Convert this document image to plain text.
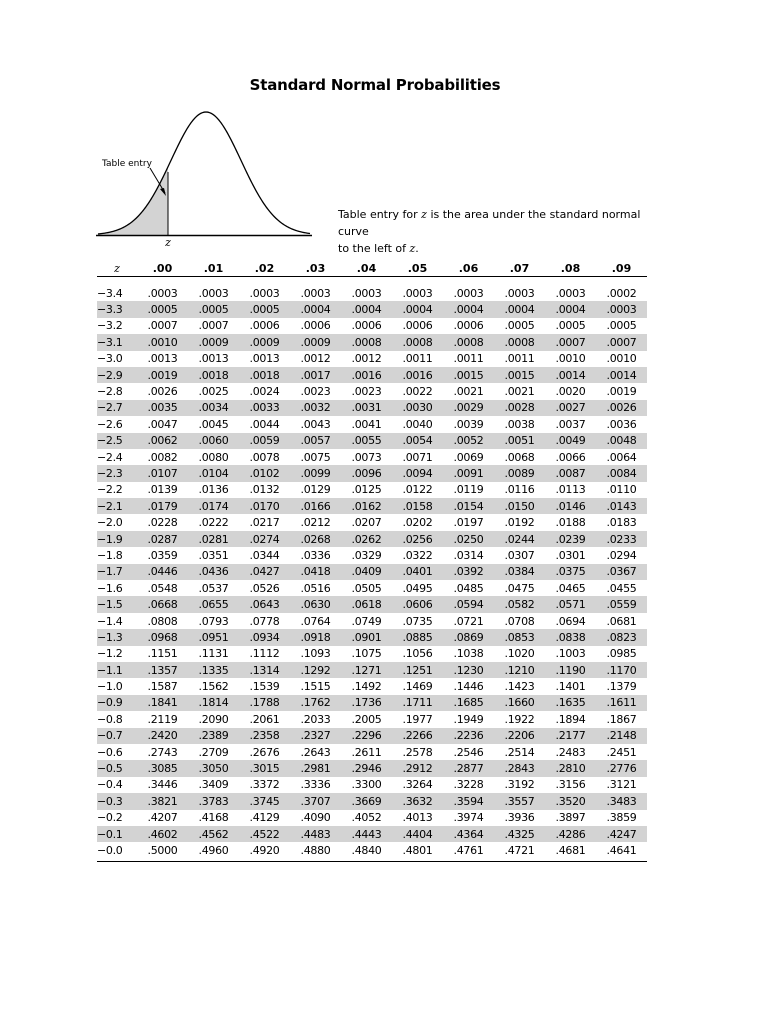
Standard Normal Probabilities
Table entry
z
Table entry for z is the area under the standard normal curve
to the left of z.
z	.00	.01	.02	.03	.04	.05	.06	.07	.08	.09
−3.4	.0003	.0003	.0003	.0003	.0003	.0003	.0003	.0003	.0003	.0002
−3.3	.0005	.0005	.0005	.0004	.0004	.0004	.0004	.0004	.0004	.0003
−3.2	.0007	.0007	.0006	.0006	.0006	.0006	.0006	.0005	.0005	.0005
−3.1	.0010	.0009	.0009	.0009	.0008	.0008	.0008	.0008	.0007	.0007
−3.0	.0013	.0013	.0013	.0012	.0012	.0011	.0011	.0011	.0010	.0010
−2.9	.0019	.0018	.0018	.0017	.0016	.0016	.0015	.0015	.0014	.0014
−2.8	.0026	.0025	.0024	.0023	.0023	.0022	.0021	.0021	.0020	.0019
−2.7	.0035	.0034	.0033	.0032	.0031	.0030	.0029	.0028	.0027	.0026
−2.6	.0047	.0045	.0044	.0043	.0041	.0040	.0039	.0038	.0037	.0036
−2.5	.0062	.0060	.0059	.0057	.0055	.0054	.0052	.0051	.0049	.0048
−2.4	.0082	.0080	.0078	.0075	.0073	.0071	.0069	.0068	.0066	.0064
−2.3	.0107	.0104	.0102	.0099	.0096	.0094	.0091	.0089	.0087	.0084
−2.2	.0139	.0136	.0132	.0129	.0125	.0122	.0119	.0116	.0113	.0110
−2.1	.0179	.0174	.0170	.0166	.0162	.0158	.0154	.0150	.0146	.0143
−2.0	.0228	.0222	.0217	.0212	.0207	.0202	.0197	.0192	.0188	.0183
−1.9	.0287	.0281	.0274	.0268	.0262	.0256	.0250	.0244	.0239	.0233
−1.8	.0359	.0351	.0344	.0336	.0329	.0322	.0314	.0307	.0301	.0294
−1.7	.0446	.0436	.0427	.0418	.0409	.0401	.0392	.0384	.0375	.0367
−1.6	.0548	.0537	.0526	.0516	.0505	.0495	.0485	.0475	.0465	.0455
−1.5	.0668	.0655	.0643	.0630	.0618	.0606	.0594	.0582	.0571	.0559
−1.4	.0808	.0793	.0778	.0764	.0749	.0735	.0721	.0708	.0694	.0681
−1.3	.0968	.0951	.0934	.0918	.0901	.0885	.0869	.0853	.0838	.0823
−1.2	.1151	.1131	.1112	.1093	.1075	.1056	.1038	.1020	.1003	.0985
−1.1	.1357	.1335	.1314	.1292	.1271	.1251	.1230	.1210	.1190	.1170
−1.0	.1587	.1562	.1539	.1515	.1492	.1469	.1446	.1423	.1401	.1379
−0.9	.1841	.1814	.1788	.1762	.1736	.1711	.1685	.1660	.1635	.1611
−0.8	.2119	.2090	.2061	.2033	.2005	.1977	.1949	.1922	.1894	.1867
−0.7	.2420	.2389	.2358	.2327	.2296	.2266	.2236	.2206	.2177	.2148
−0.6	.2743	.2709	.2676	.2643	.2611	.2578	.2546	.2514	.2483	.2451
−0.5	.3085	.3050	.3015	.2981	.2946	.2912	.2877	.2843	.2810	.2776
−0.4	.3446	.3409	.3372	.3336	.3300	.3264	.3228	.3192	.3156	.3121
−0.3	.3821	.3783	.3745	.3707	.3669	.3632	.3594	.3557	.3520	.3483
−0.2	.4207	.4168	.4129	.4090	.4052	.4013	.3974	.3936	.3897	.3859
−0.1	.4602	.4562	.4522	.4483	.4443	.4404	.4364	.4325	.4286	.4247
−0.0	.5000	.4960	.4920	.4880	.4840	.4801	.4761	.4721	.4681	.4641
